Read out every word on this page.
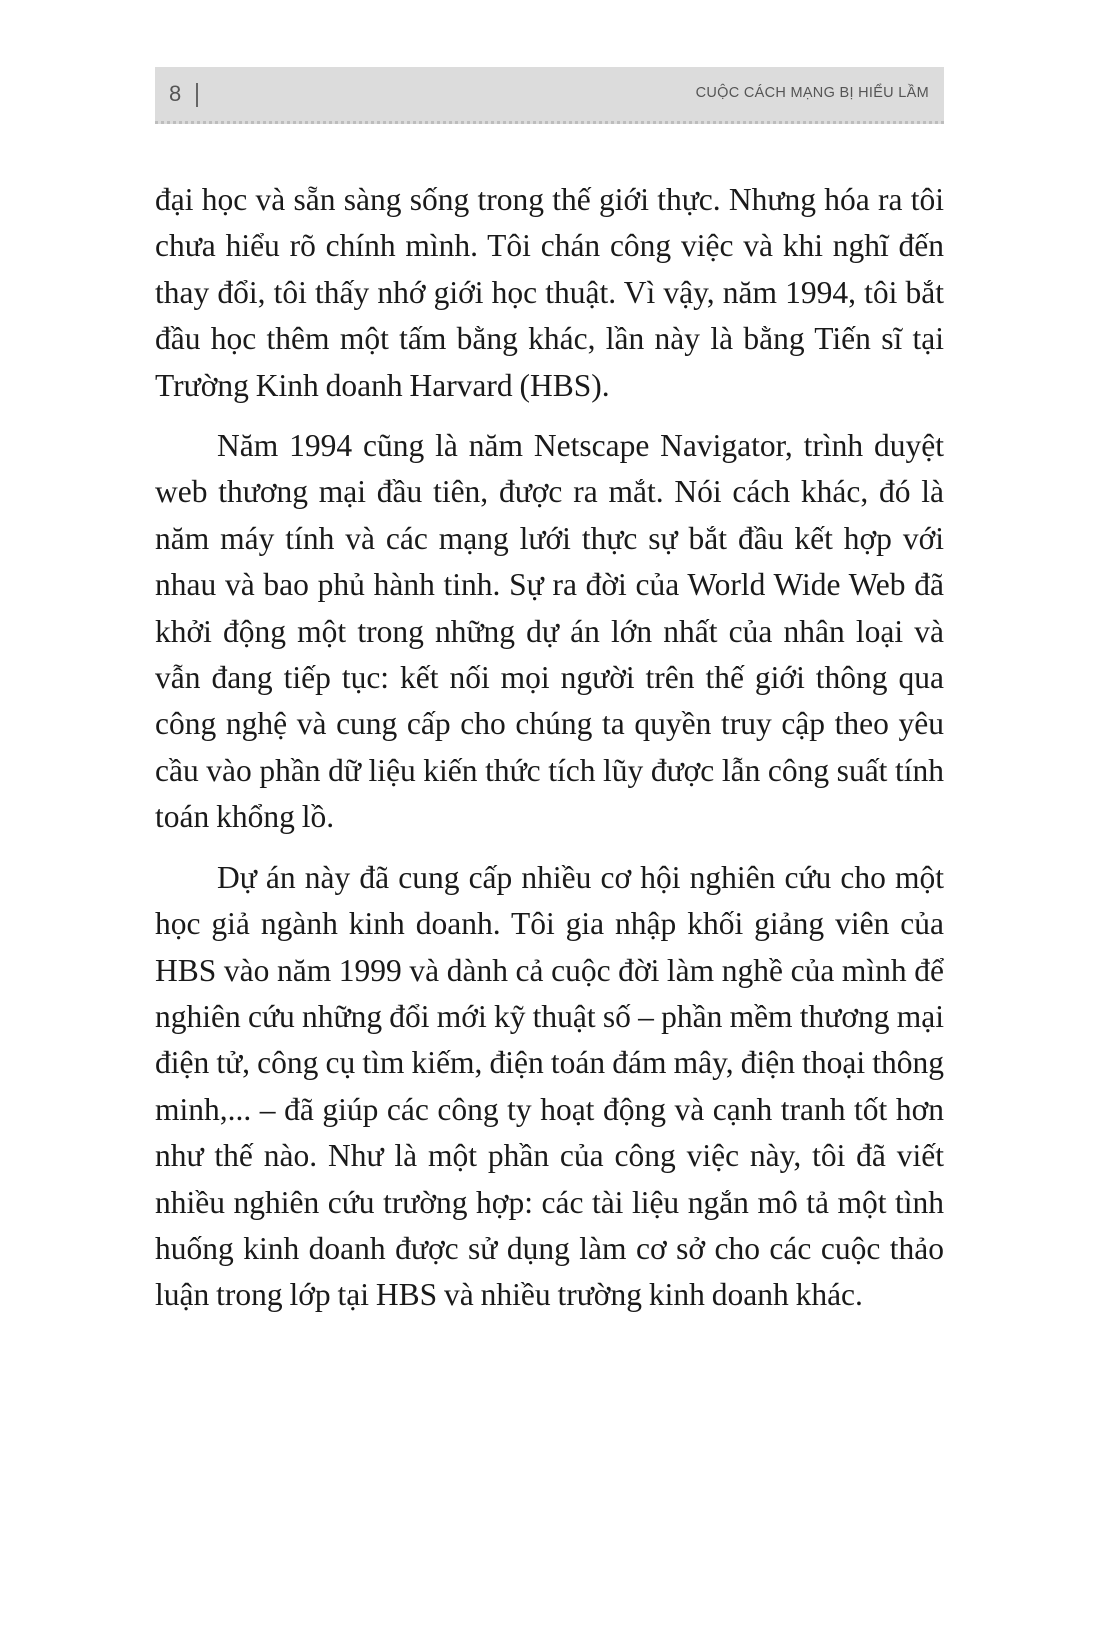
8	CUỘC CÁCH MẠNG BỊ HIỂU LẦM

đại học và sẵn sàng sống trong thế giới thực. Nhưng hóa ra tôi chưa hiểu rõ chính mình. Tôi chán công việc và khi nghĩ đến thay đổi, tôi thấy nhớ giới học thuật. Vì vậy, năm 1994, tôi bắt đầu học thêm một tấm bằng khác, lần này là bằng Tiến sĩ tại Trường Kinh doanh Harvard (HBS).

Năm 1994 cũng là năm Netscape Navigator, trình duyệt web thương mại đầu tiên, được ra mắt. Nói cách khác, đó là năm máy tính và các mạng lưới thực sự bắt đầu kết hợp với nhau và bao phủ hành tinh. Sự ra đời của World Wide Web đã khởi động một trong những dự án lớn nhất của nhân loại và vẫn đang tiếp tục: kết nối mọi người trên thế giới thông qua công nghệ và cung cấp cho chúng ta quyền truy cập theo yêu cầu vào phần dữ liệu kiến thức tích lũy được lẫn công suất tính toán khổng lồ.

Dự án này đã cung cấp nhiều cơ hội nghiên cứu cho một học giả ngành kinh doanh. Tôi gia nhập khối giảng viên của HBS vào năm 1999 và dành cả cuộc đời làm nghề của mình để nghiên cứu những đổi mới kỹ thuật số – phần mềm thương mại điện tử, công cụ tìm kiếm, điện toán đám mây, điện thoại thông minh,... – đã giúp các công ty hoạt động và cạnh tranh tốt hơn như thế nào. Như là một phần của công việc này, tôi đã viết nhiều nghiên cứu trường hợp: các tài liệu ngắn mô tả một tình huống kinh doanh được sử dụng làm cơ sở cho các cuộc thảo luận trong lớp tại HBS và nhiều trường kinh doanh khác.
